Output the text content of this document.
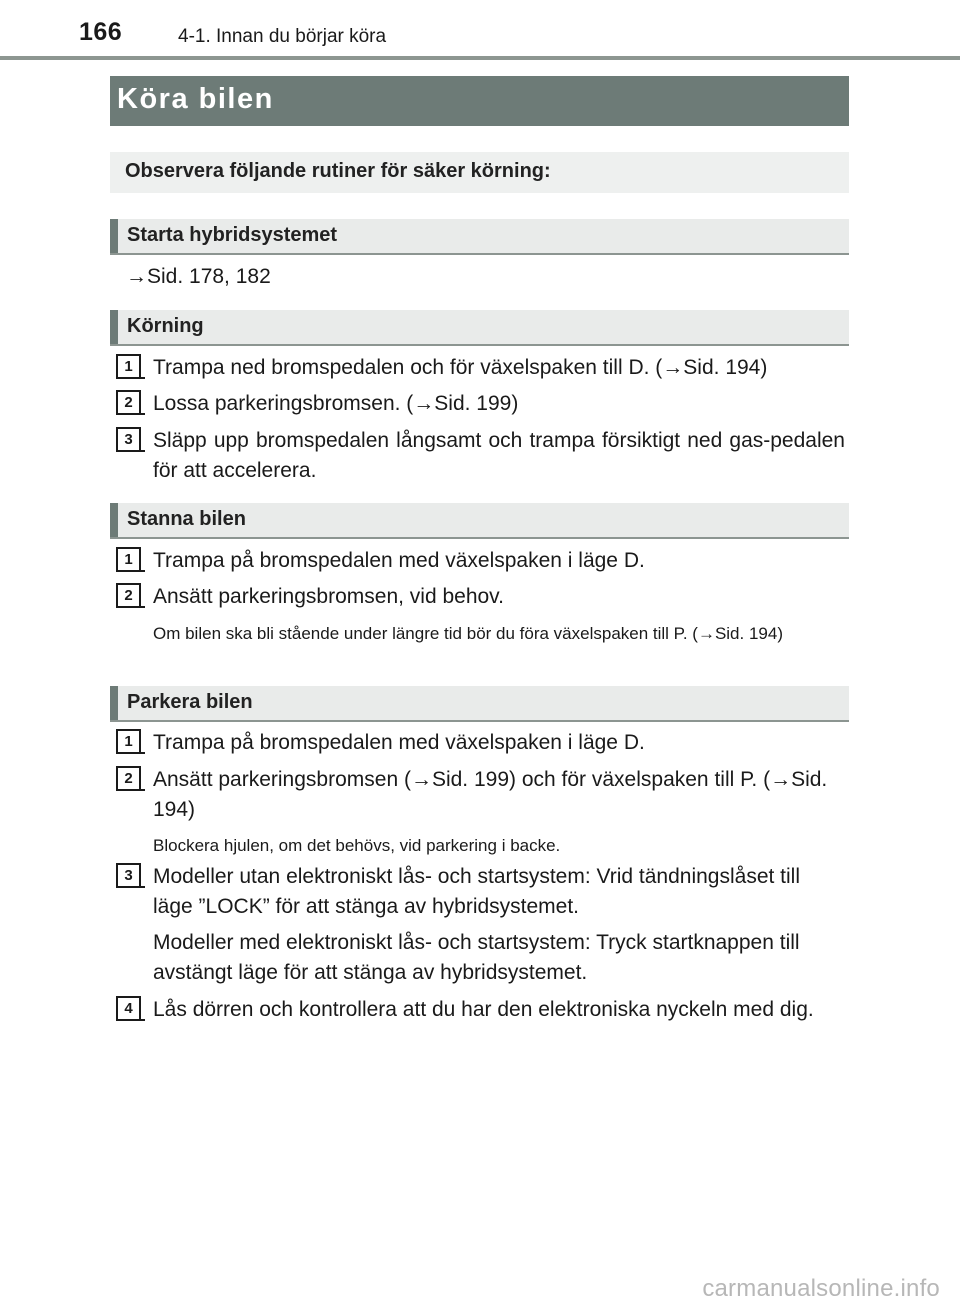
166	4-1. Innan du börjar köra
Köra bilen
Observera följande rutiner för säker körning:
Starta hybridsystemet
→Sid. 178, 182
Körning
1 Trampa ned bromspedalen och för växelspaken till D. (→Sid. 194)
2 Lossa parkeringsbromsen. (→Sid. 199)
3 Släpp upp bromspedalen långsamt och trampa försiktigt ned gas-pedalen för att accelerera.
Stanna bilen
1 Trampa på bromspedalen med växelspaken i läge D.
2 Ansätt parkeringsbromsen, vid behov.
Om bilen ska bli stående under längre tid bör du föra växelspaken till P. (→Sid. 194)
Parkera bilen
1 Trampa på bromspedalen med växelspaken i läge D.
2 Ansätt parkeringsbromsen (→Sid. 199) och för växelspaken till P. (→Sid. 194)
Blockera hjulen, om det behövs, vid parkering i backe.
3 Modeller utan elektroniskt lås- och startsystem: Vrid tändningslåset till läge ”LOCK” för att stänga av hybridsystemet.
Modeller med elektroniskt lås- och startsystem: Tryck startknappen till avstängt läge för att stänga av hybridsystemet.
4 Lås dörren och kontrollera att du har den elektroniska nyckeln med dig.
carmanualsonline.info
